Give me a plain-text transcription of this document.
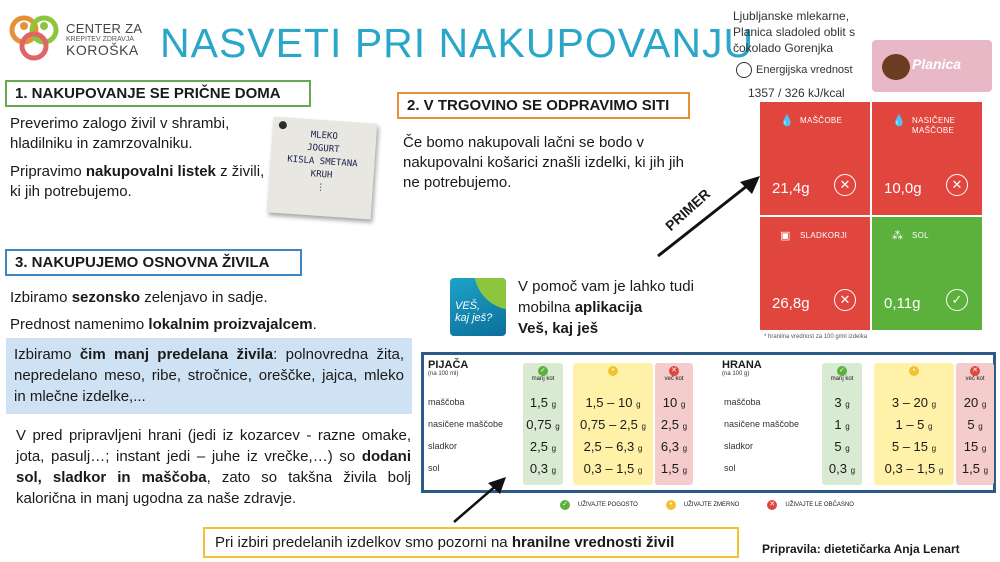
CENTER ZA
KREPITEV ZDRAVJA
KOROŠKA NASVETI PRI NAKUPOVANJU
1. NAKUPOVANJE SE PRIČNE DOMA
Preverimo zalogo živil v shrambi, hladilniku in zamrzovalniku.
Pripravimo nakupovalni listek z živili, ki jih potrebujemo.
MLEKO
JOGURT
KISLA SMETANA
KRUH
⋮
2. V TRGOVINO SE ODPRAVIMO SITI
Če bomo nakupovali lačni se bodo v nakupovalni košarici znašli izdelki, ki jih jih ne potrebujemo.
3. NAKUPUJEMO OSNOVNA ŽIVILA
Izbiramo sezonsko zelenjavo in sadje.
Prednost namenimo lokalnim proizvajalcem.
Izbiramo čim manj predelana živila: polnovredna žita, nepredelano meso, ribe, stročnice, oreščke, jajca, mleko in mlečne izdelke,...
V pred pripravljeni hrani (jedi iz kozarcev - razne omake, jota, pasulj…; instant jedi – juhe iz vrečke,…) so dodani sol, sladkor in maščoba, zato so takšna živila bolj kalorična in manj ugodna za naše zdravje.
VEŠ,
kaj ješ?
V pomoč vam je lahko tudi mobilna aplikacija
Veš, kaj ješ
Ljubljanske mlekarne, Planica sladoled oblit s čokolado Gorenjka
Planica
Energijska vrednost
1357 / 326 kJ/kcal
PRIMER
💧 MAŠČOBE
21,4g	✕
💧 NASIČENE MAŠČOBE
10,0g	✕
▣ SLADKORJI
26,8g	✕
⁂ SOL
0,11g	✓
* hranilna vrednost za 100 g/ml izdelka
PIJAČA
(na 100 ml)
HRANA
(na 100 g)
✓
manj kot
•	✕
več kot
✓
manj kot
•	✕
več kot
maščoba	1,5 g	1,5 – 10 g	10 g	maščoba	3 g	3 – 20 g	20 g
nasičene maščobe 0,75 g	0,75 – 2,5 g	2,5 g	nasičene maščobe	1 g	1 – 5 g	5 g
sladkor	2,5 g	2,5 – 6,3 g	6,3 g	sladkor	5 g	5 – 15 g	15 g
sol	0,3 g	0,3 – 1,5 g	1,5 g	sol	0,3 g	0,3 – 1,5 g	1,5 g
✓	UŽIVAJTE POGOSTO	•	UŽIVAJTE ZMERNO	✕	UŽIVAJTE LE OBČASNO
Pri izbiri predelanih izdelkov smo pozorni na hranilne vrednosti živil	Pripravila: dietetičarka Anja Lenart
